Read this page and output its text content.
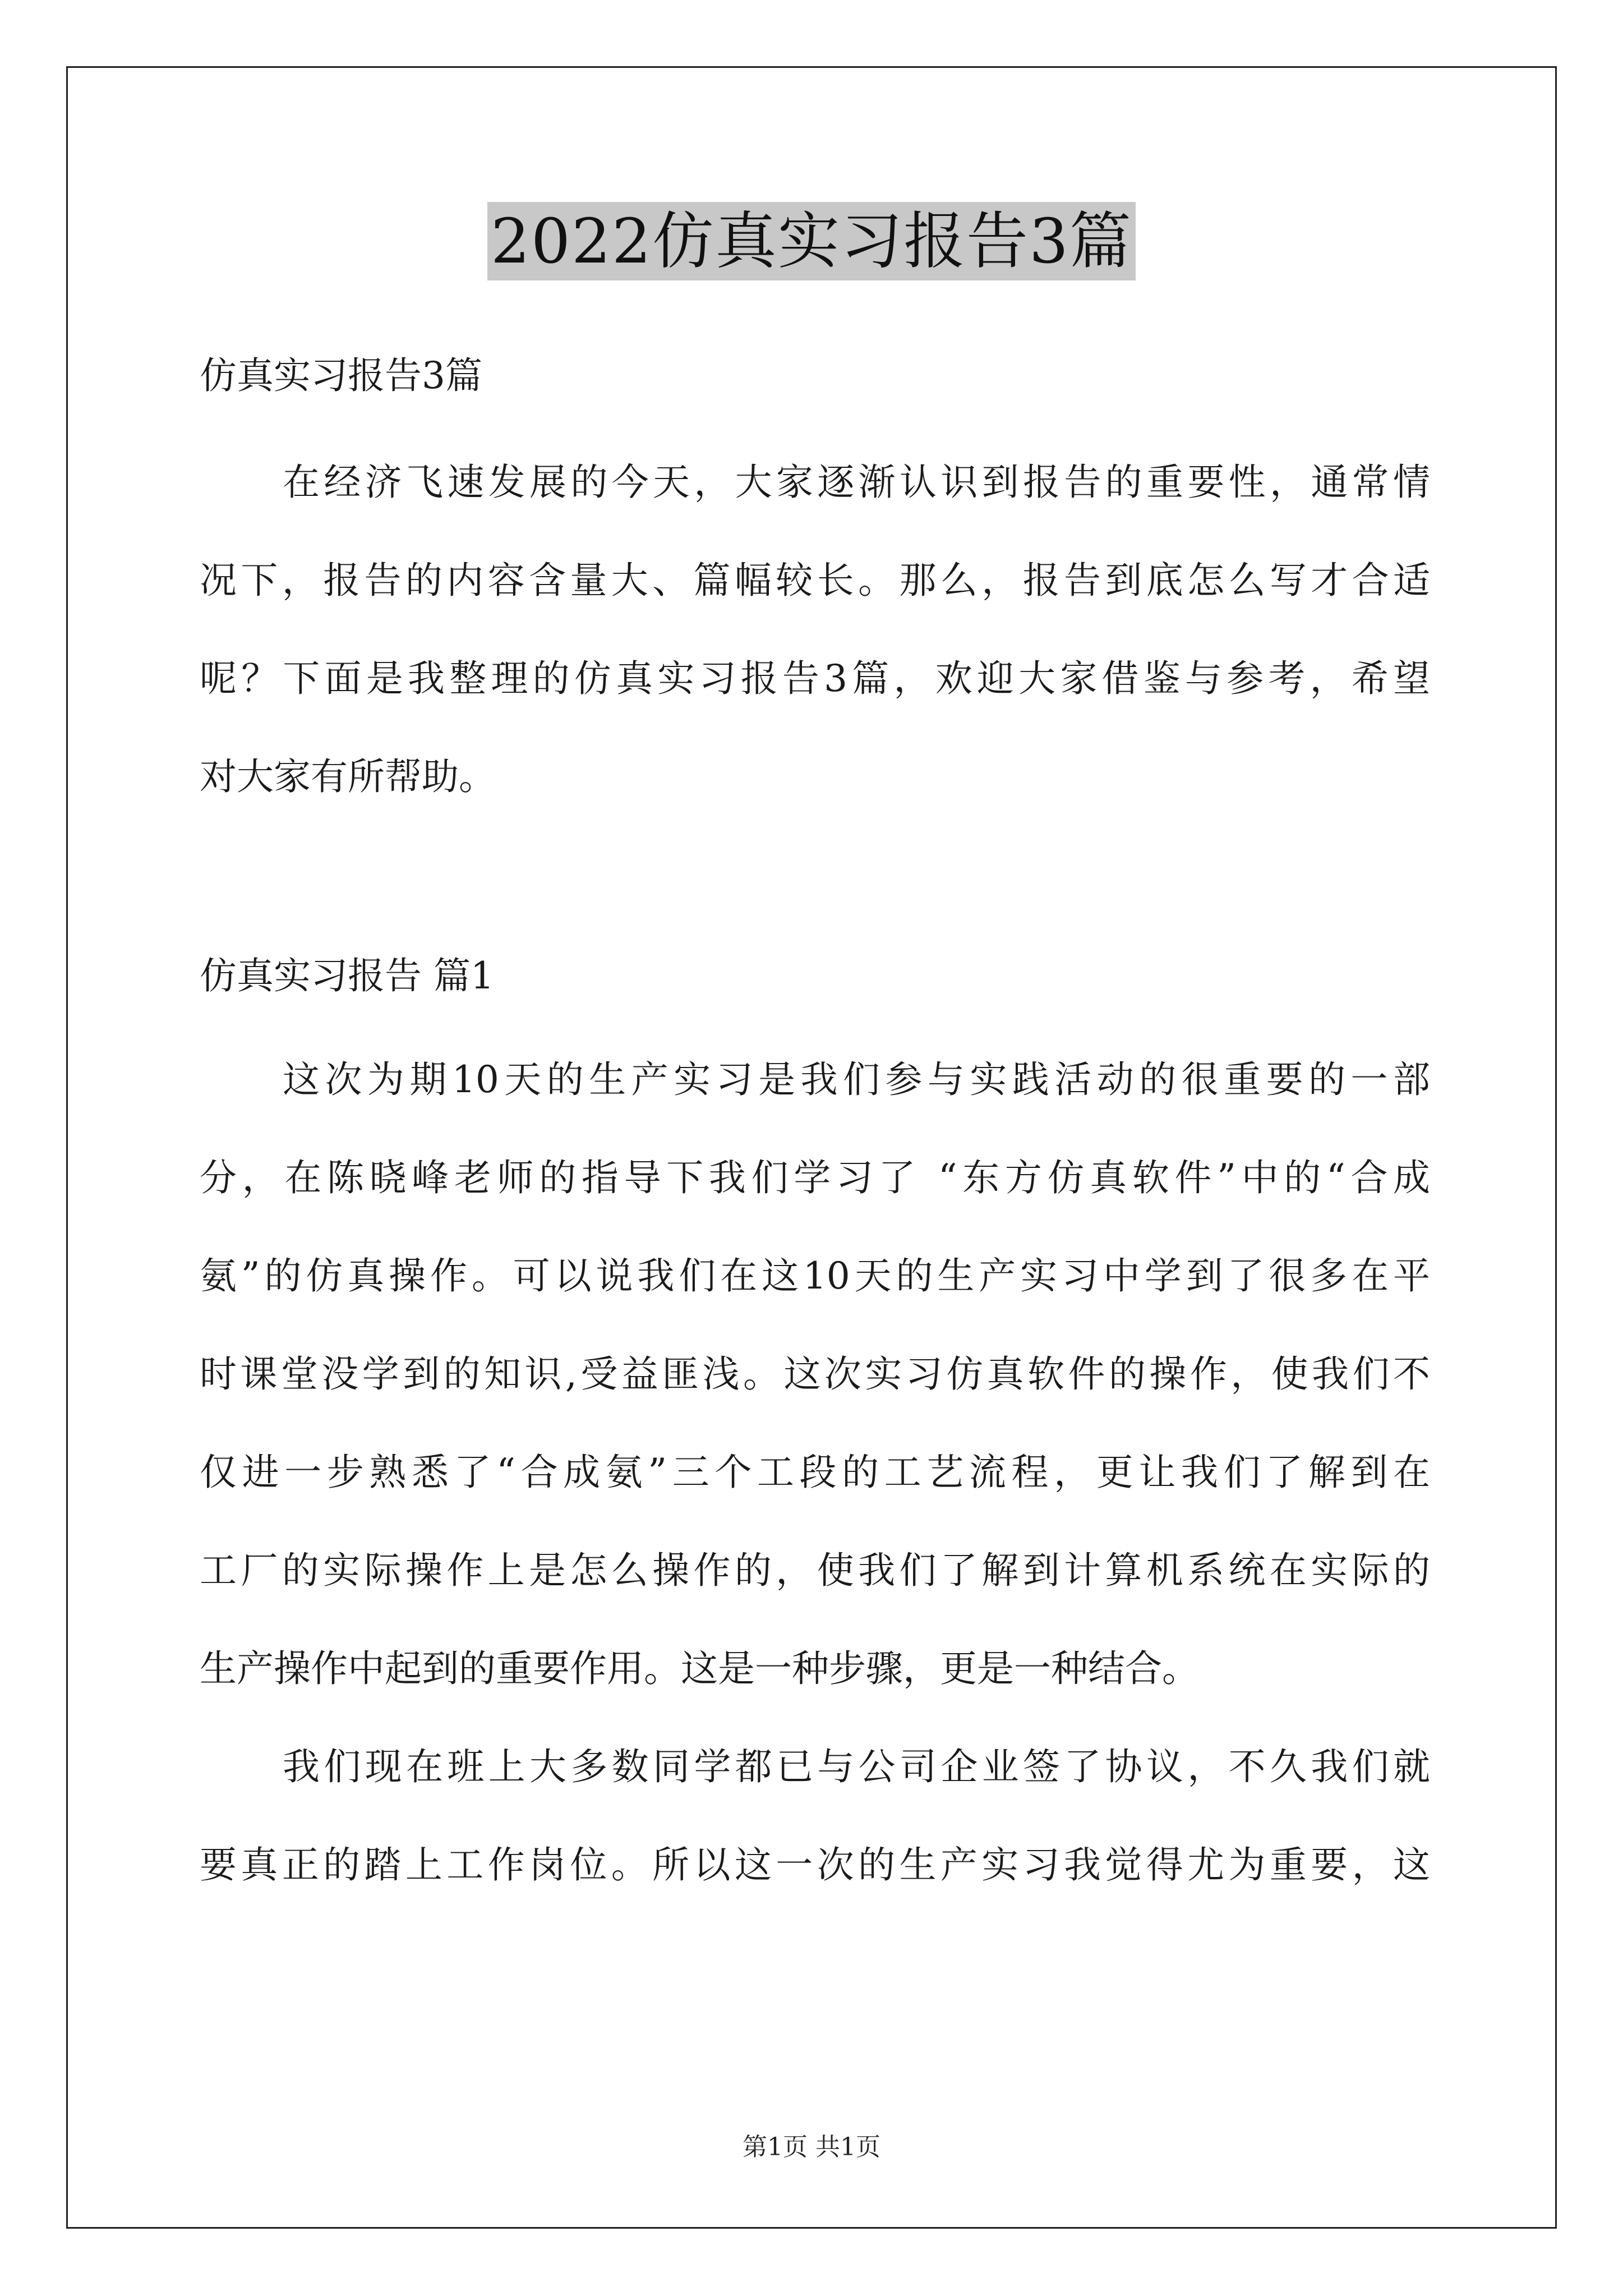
2022仿真实习报告3篇
仿真实习报告3篇
在经济飞速发展的今天，大家逐渐认识到报告的重要性，通常情
况下，报告的内容含量大、篇幅较长。那么，报告到底怎么写才合适
呢？下面是我整理的仿真实习报告3篇，欢迎大家借鉴与参考，希望
对大家有所帮助。
仿真实习报告 篇1
这次为期10天的生产实习是我们参与实践活动的很重要的一部
分，在陈晓峰老师的指导下我们学习了 “东方仿真软件”中的“合成
氨”的仿真操作。可以说我们在这10天的生产实习中学到了很多在平
时课堂没学到的知识,受益匪浅。这次实习仿真软件的操作，使我们不
仅进一步熟悉了“合成氨”三个工段的工艺流程，更让我们了解到在
工厂的实际操作上是怎么操作的，使我们了解到计算机系统在实际的
生产操作中起到的重要作用。这是一种步骤，更是一种结合。
我们现在班上大多数同学都已与公司企业签了协议，不久我们就
要真正的踏上工作岗位。所以这一次的生产实习我觉得尤为重要，这
第1页 共1页
